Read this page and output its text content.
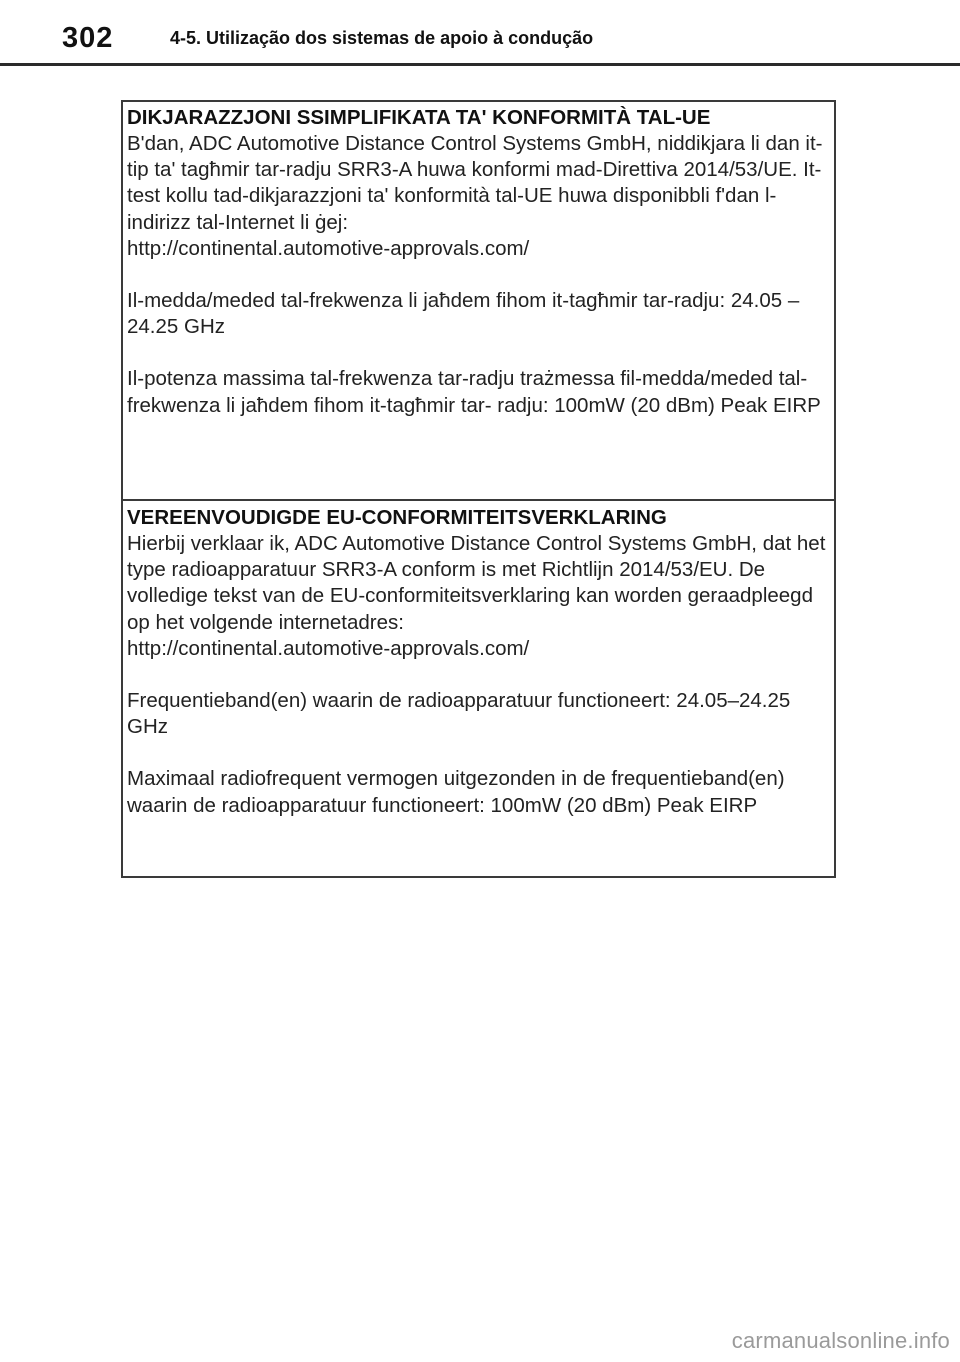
302	4-5. Utilização dos sistemas de apoio à condução
DIKJARAZZJONI SSIMPLIFIKATA TA' KONFORMITÀ TAL-UE

B'dan, ADC Automotive Distance Control Systems GmbH, niddikjara li dan it-tip ta' tagħmir tar-radju SRR3-A huwa konformi mad-Direttiva 2014/53/UE. It-test kollu tad-dikjarazzjoni ta' konformità tal-UE huwa disponibbli f'dan l-indirizz tal-Internet li ġej:

http://continental.automotive-approvals.com/

Il-medda/meded tal-frekwenza li jaħdem fihom it-tagħmir tar-radju: 24.05 –24.25 GHz

Il-potenza massima tal-frekwenza tar-radju trażmessa fil-medda/meded tal-frekwenza li jaħdem fihom it-tagħmir tar- radju: 100mW (20 dBm) Peak EIRP

VEREENVOUDIGDE EU-CONFORMITEITSVERKLARING

Hierbij verklaar ik, ADC Automotive Distance Control Systems GmbH, dat het type radioapparatuur SRR3-A conform is met Richtlijn 2014/53/EU. De volledige tekst van de EU-conformiteitsverklaring kan worden geraadpleegd op het volgende internetadres:

http://continental.automotive-approvals.com/

Frequentieband(en) waarin de radioapparatuur functioneert: 24.05–24.25 GHz

Maximaal radiofrequent vermogen uitgezonden in de frequentieband(en) waarin de radioapparatuur functioneert: 100mW (20 dBm) Peak EIRP

carmanualsonline.info
